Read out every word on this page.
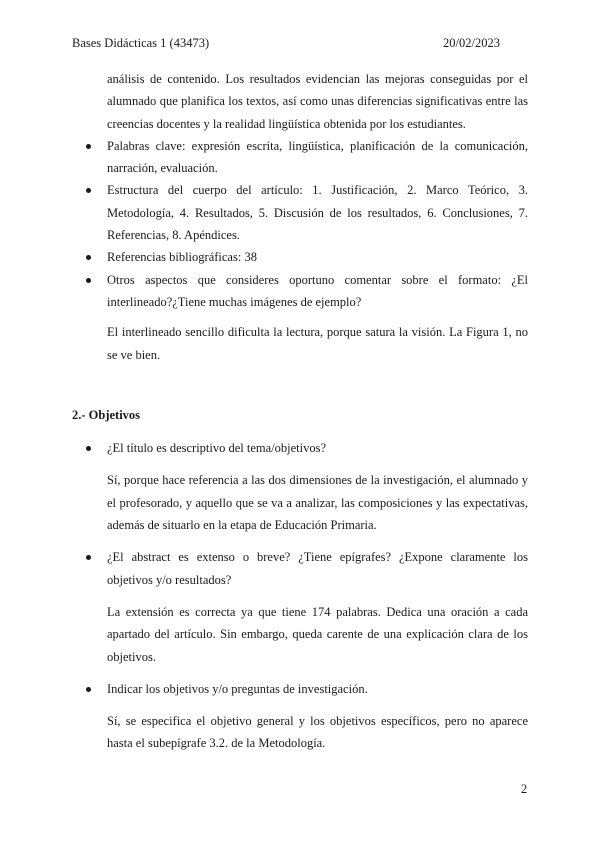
Bases Didácticas 1 (43473)	20/02/2023

análisis de contenido. Los resultados evidencian las mejoras conseguidas por el alumnado que planifica los textos, así como unas diferencias significativas entre las creencias docentes y la realidad lingüística obtenida por los estudiantes.

Palabras clave: expresión escrita, lingüística, planificación de la comunicación, narración, evaluación.
Estructura del cuerpo del artículo: 1. Justificación, 2. Marco Teórico, 3. Metodología, 4. Resultados, 5. Discusión de los resultados, 6. Conclusiones, 7. Referencias, 8. Apéndices.
Referencias bibliográficas: 38
Otros aspectos que consideres oportuno comentar sobre el formato: ¿El interlineado?¿Tiene muchas imágenes de ejemplo?

El interlineado sencillo dificulta la lectura, porque satura la visión. La Figura 1, no se ve bien.

2.- Objetivos

¿El título es descriptivo del tema/objetivos?

Sí, porque hace referencia a las dos dimensiones de la investigación, el alumnado y el profesorado, y aquello que se va a analizar, las composiciones y las expectativas, además de situarlo en la etapa de Educación Primaria.

¿El abstract es extenso o breve? ¿Tiene epígrafes? ¿Expone claramente los objetivos y/o resultados?

La extensión es correcta ya que tiene 174 palabras. Dedica una oración a cada apartado del artículo. Sin embargo, queda carente de una explicación clara de los objetivos.

Indicar los objetivos y/o preguntas de investigación.

Sí, se especifica el objetivo general y los objetivos específicos, pero no aparece hasta el subepígrafe 3.2. de la Metodología.

2
